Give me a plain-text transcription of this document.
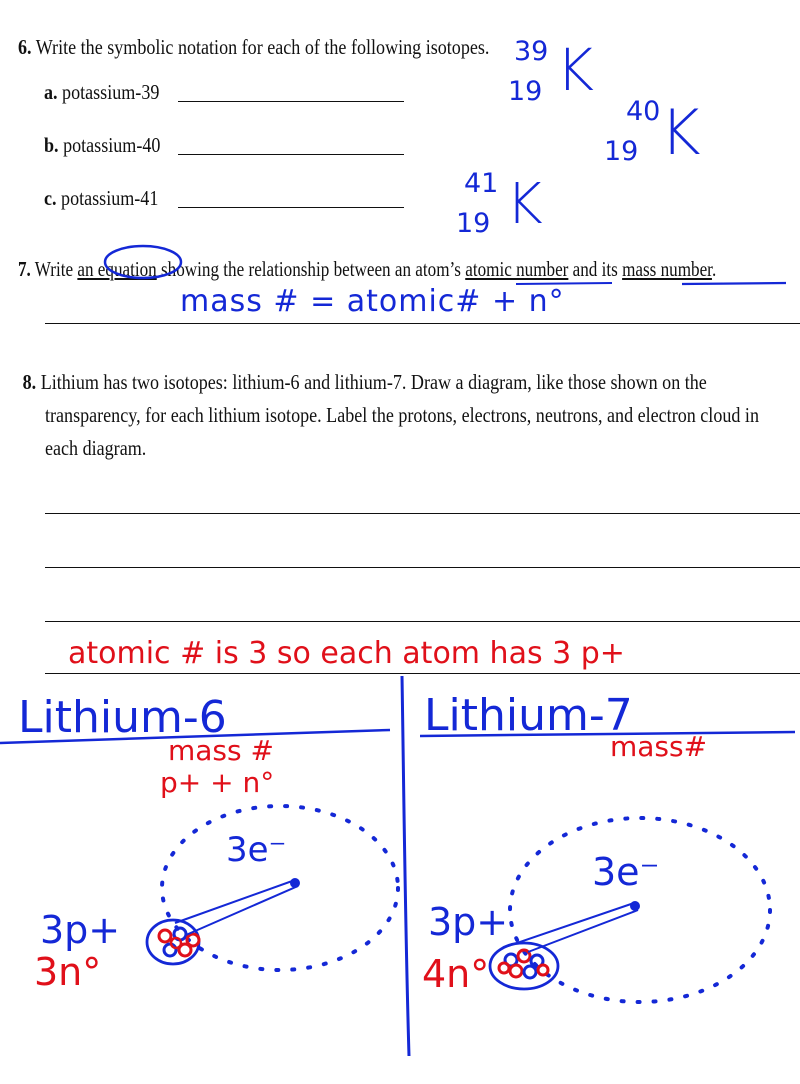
6. Write the symbolic notation for each of the following isotopes.
a. potassium-39
b. potassium-40
c. potassium-41
39
19 K
40
19 K
41
19 K
7. Write an equation showing the relationship between an atom’s atomic number and its mass number.
mass # = atomic# + n°
8. Lithium has two isotopes: lithium-6 and lithium-7. Draw a diagram, like those shown on the transparency, for each lithium isotope. Label the protons, electrons, neutrons, and electron cloud in each diagram.
atomic # is 3 so each atom has 3 p+
Lithium-6
mass #
p+ + n°
3e⁻
3p+
3n°
Lithium-7
mass#
3e⁻
3p+
4n°
